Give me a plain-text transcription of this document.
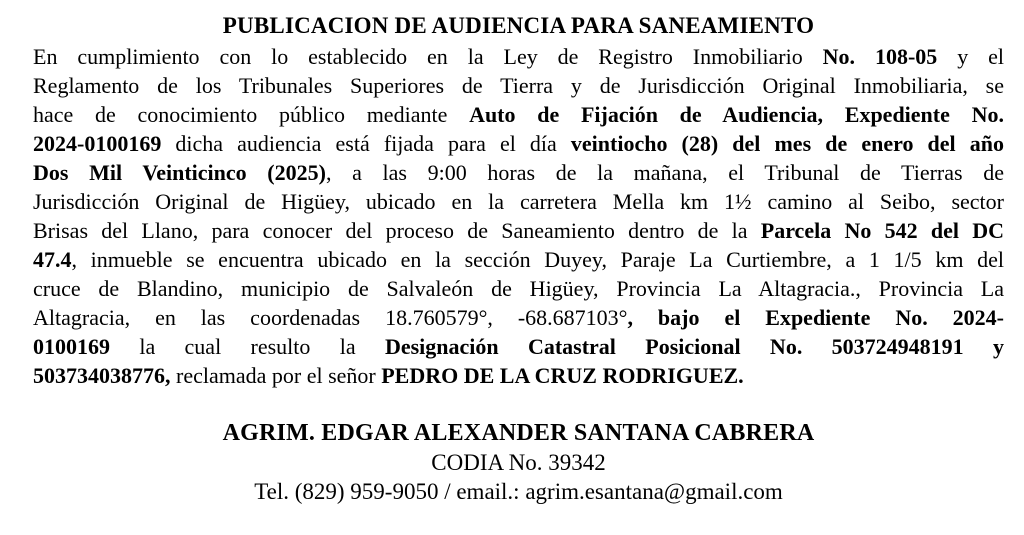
PUBLICACION DE AUDIENCIA PARA SANEAMIENTO
En cumplimiento con lo establecido en la Ley de Registro Inmobiliario No. 108-05 y el
Reglamento de los Tribunales Superiores de Tierra y de Jurisdicción Original Inmobiliaria, se
hace de conocimiento público mediante Auto de Fijación de Audiencia, Expediente No.
2024-0100169 dicha audiencia está fijada para el día veintiocho (28) del mes de enero del año
Dos Mil Veinticinco (2025), a las 9:00 horas de la mañana, el Tribunal de Tierras de
Jurisdicción Original de Higüey, ubicado en la carretera Mella km 1½ camino al Seibo, sector
Brisas del Llano, para conocer del proceso de Saneamiento dentro de la Parcela No 542 del DC
47.4, inmueble se encuentra ubicado en la sección Duyey, Paraje La Curtiembre, a 1 1/5 km del
cruce de Blandino, municipio de Salvaleón de Higüey, Provincia La Altagracia., Provincia La
Altagracia, en las coordenadas 18.760579°, -68.687103°, bajo el Expediente No. 2024-
0100169 la cual resulto la Designación Catastral Posicional No. 503724948191 y
503734038776, reclamada por el señor PEDRO DE LA CRUZ RODRIGUEZ.
AGRIM. EDGAR ALEXANDER SANTANA CABRERA
CODIA No. 39342
Tel. (829) 959-9050 / email.: agrim.esantana@gmail.com
